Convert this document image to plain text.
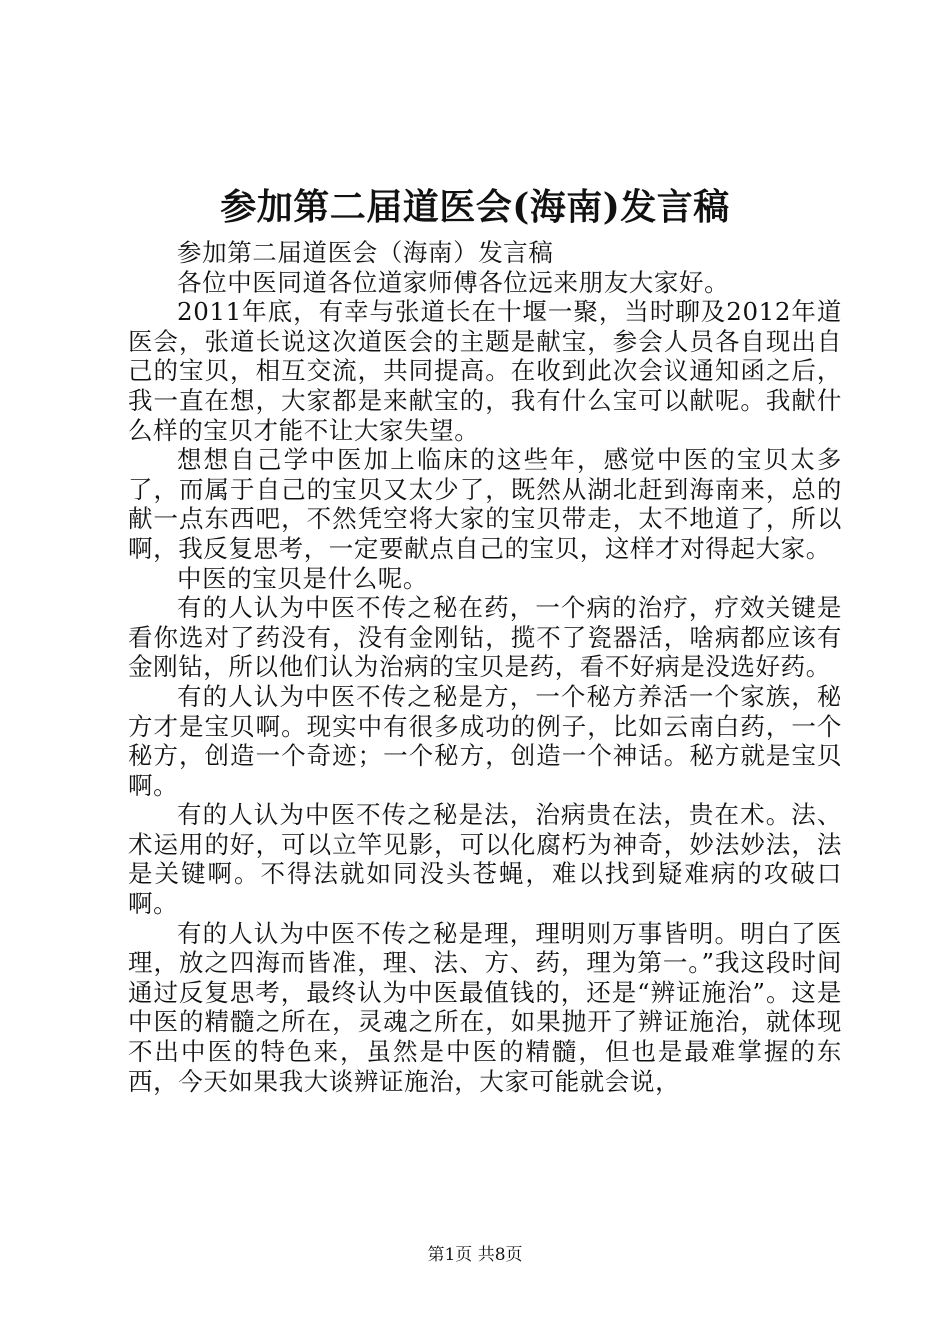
参加第二届道医会(海南)发言稿

参加第二届道医会（海南）发言稿

各位中医同道各位道家师傅各位远来朋友大家好。

2011年底，有幸与张道长在十堰一聚，当时聊及2012年道医会，张道长说这次道医会的主题是献宝，参会人员各自现出自己的宝贝，相互交流，共同提高。在收到此次会议通知函之后，我一直在想，大家都是来献宝的，我有什么宝可以献呢。我献什么样的宝贝才能不让大家失望。

想想自己学中医加上临床的这些年，感觉中医的宝贝太多了，而属于自己的宝贝又太少了，既然从湖北赶到海南来，总的献一点东西吧，不然凭空将大家的宝贝带走，太不地道了，所以啊，我反复思考，一定要献点自己的宝贝，这样才对得起大家。

中医的宝贝是什么呢。

有的人认为中医不传之秘在药，一个病的治疗，疗效关键是看你选对了药没有，没有金刚钻，揽不了瓷器活，啥病都应该有金刚钻，所以他们认为治病的宝贝是药，看不好病是没选好药。

有的人认为中医不传之秘是方，一个秘方养活一个家族，秘方才是宝贝啊。现实中有很多成功的例子，比如云南白药，一个秘方，创造一个奇迹；一个秘方，创造一个神话。秘方就是宝贝啊。

有的人认为中医不传之秘是法，治病贵在法，贵在术。法、术运用的好，可以立竿见影，可以化腐朽为神奇，妙法妙法，法是关键啊。不得法就如同没头苍蝇，难以找到疑难病的攻破口啊。

有的人认为中医不传之秘是理，理明则万事皆明。明白了医理，放之四海而皆准，理、法、方、药，理为第一。”我这段时间通过反复思考，最终认为中医最值钱的，还是“辨证施治”。这是中医的精髓之所在，灵魂之所在，如果抛开了辨证施治，就体现不出中医的特色来，虽然是中医的精髓，但也是最难掌握的东西，今天如果我大谈辨证施治，大家可能就会说，

第1页 共8页
